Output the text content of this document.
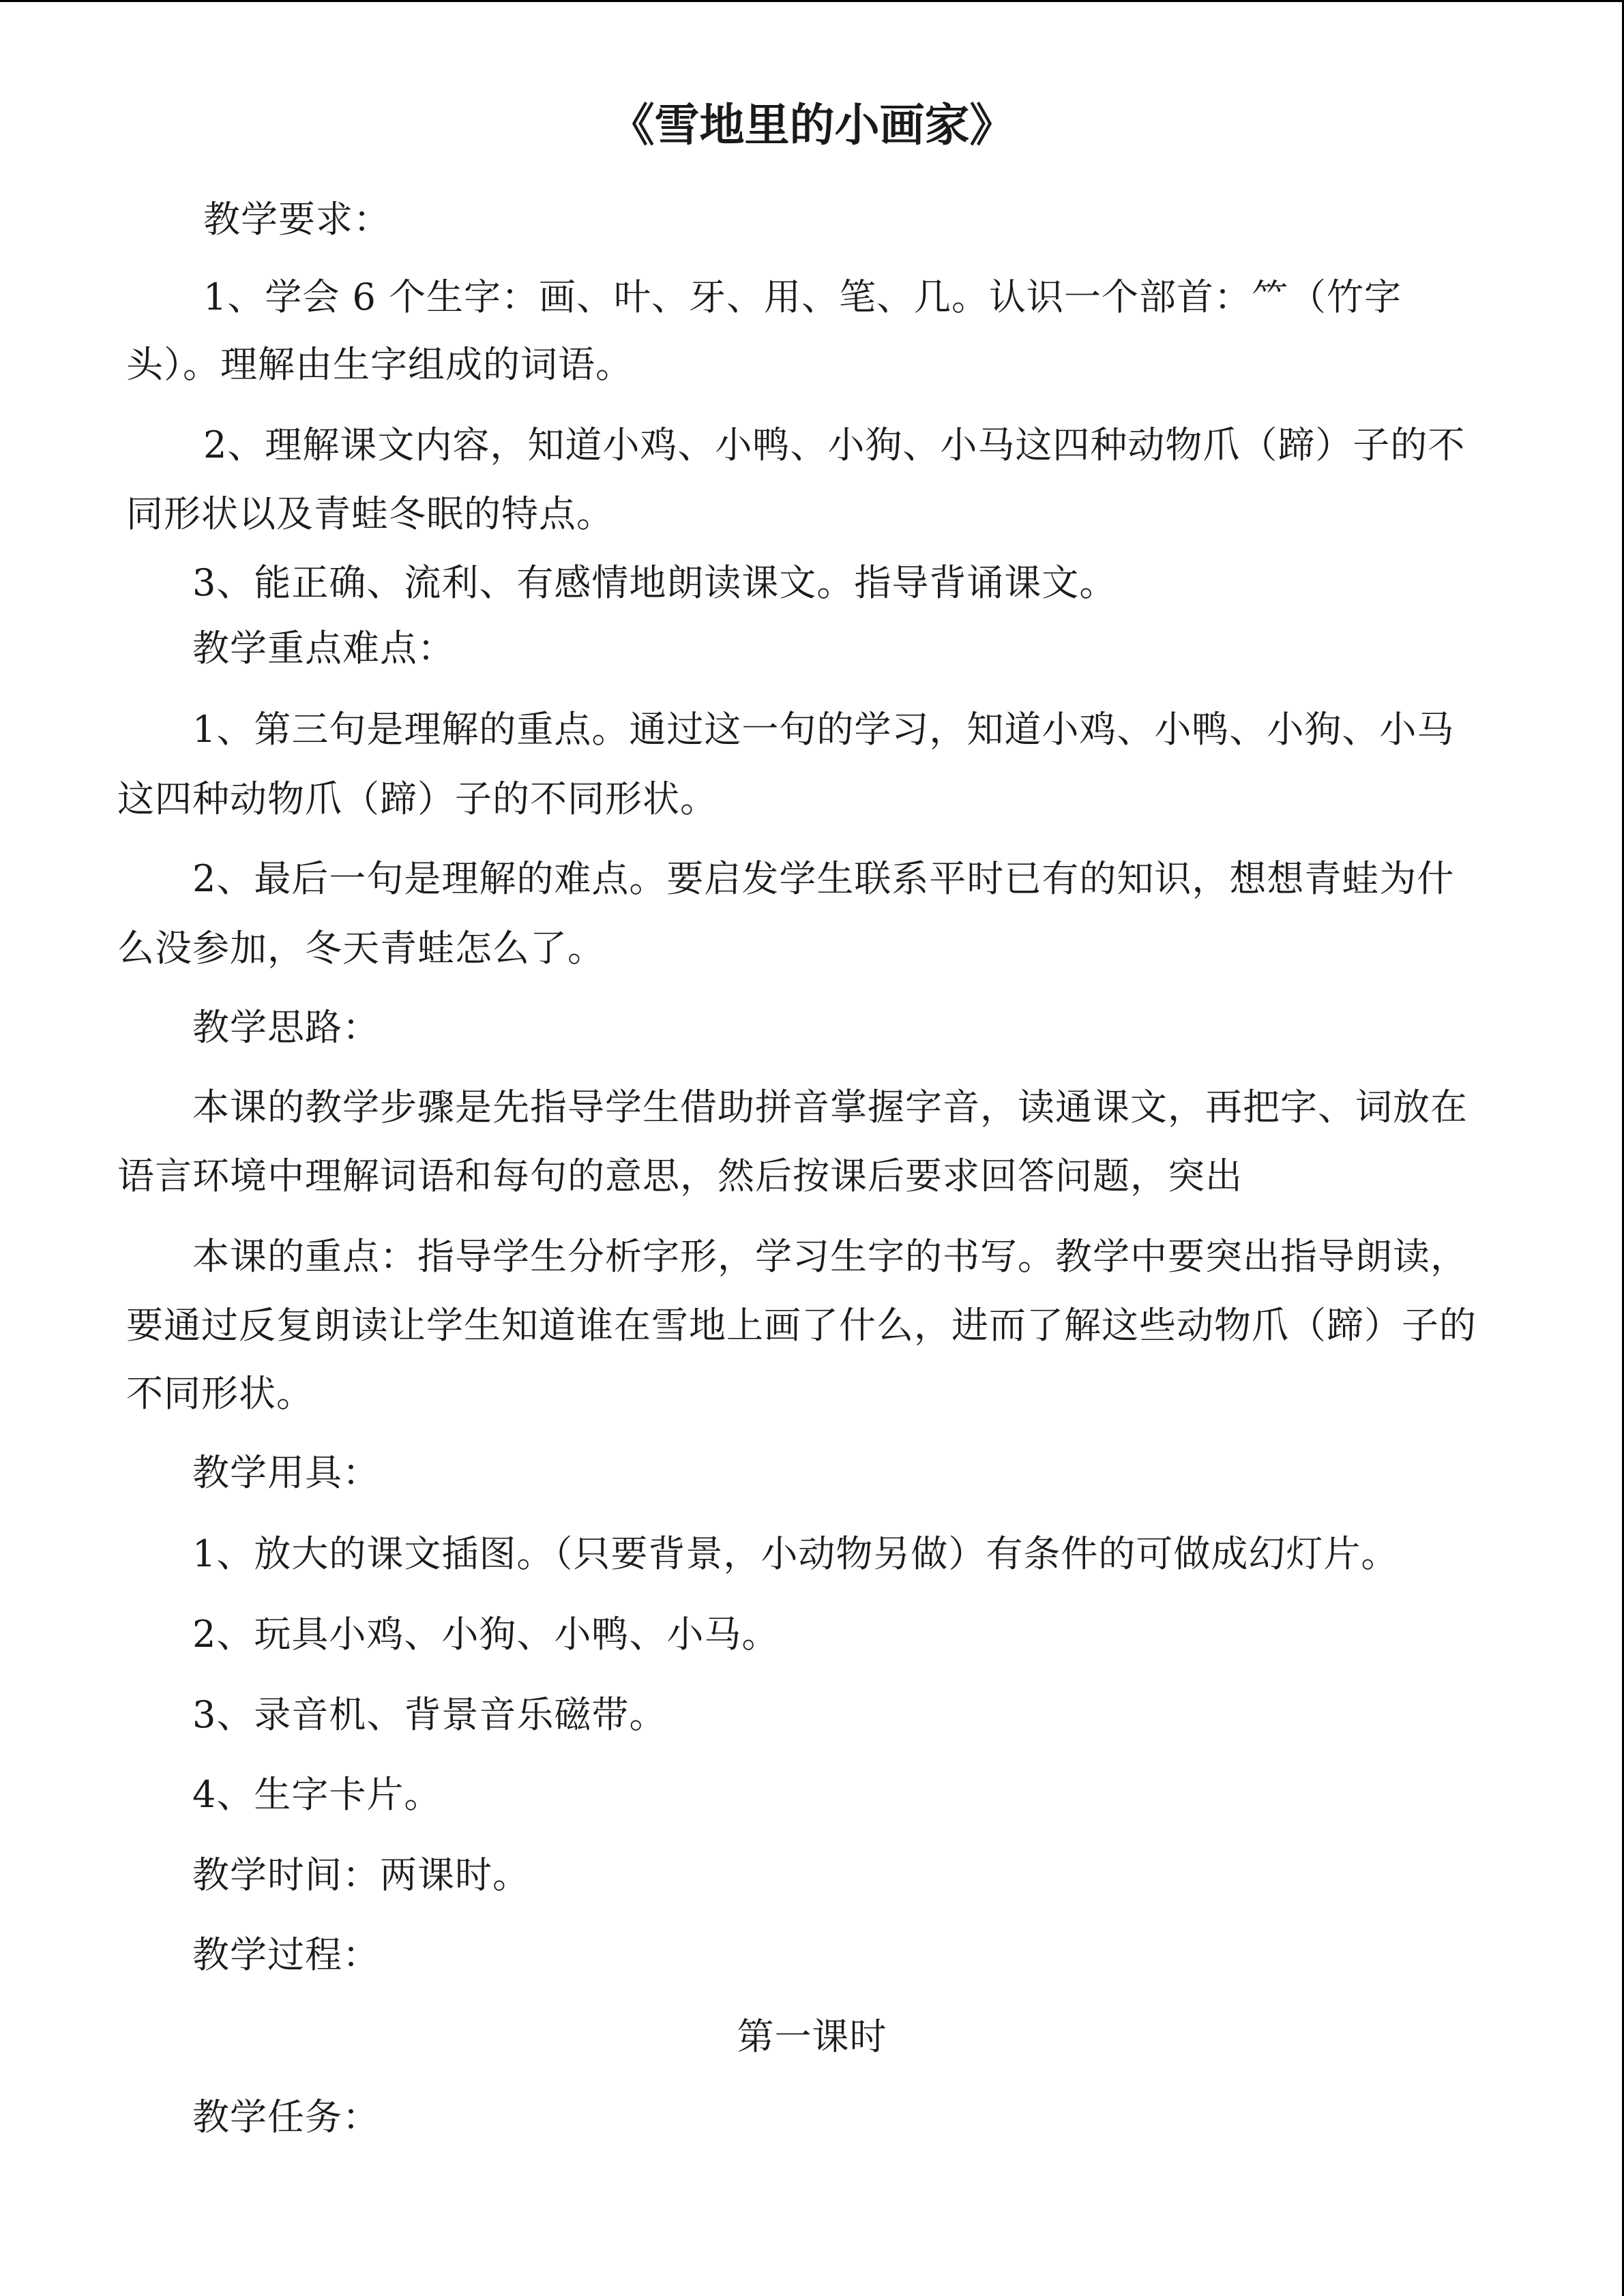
《雪地里的小画家》
教学要求：
1、学会 6 个生字：画、叶、牙、用、笔、几。认识一个部首：⺮（竹字
头）。理解由生字组成的词语。
2、理解课文内容，知道小鸡、小鸭、小狗、小马这四种动物爪（蹄）子的不
同形状以及青蛙冬眠的特点。
3、能正确、流利、有感情地朗读课文。指导背诵课文。
教学重点难点：
1、第三句是理解的重点。通过这一句的学习，知道小鸡、小鸭、小狗、小马
这四种动物爪（蹄）子的不同形状。
2、最后一句是理解的难点。要启发学生联系平时已有的知识，想想青蛙为什
么没参加，冬天青蛙怎么了。
教学思路：
本课的教学步骤是先指导学生借助拼音掌握字音，读通课文，再把字、词放在
语言环境中理解词语和每句的意思，然后按课后要求回答问题，突出
本课的重点：指导学生分析字形，学习生字的书写。教学中要突出指导朗读，
要通过反复朗读让学生知道谁在雪地上画了什么，进而了解这些动物爪（蹄）子的
不同形状。
教学用具：
1、放大的课文插图。（只要背景，小动物另做）有条件的可做成幻灯片。
2、玩具小鸡、小狗、小鸭、小马。
3、录音机、背景音乐磁带。
4、生字卡片。
教学时间：两课时。
教学过程：
第一课时
教学任务：
